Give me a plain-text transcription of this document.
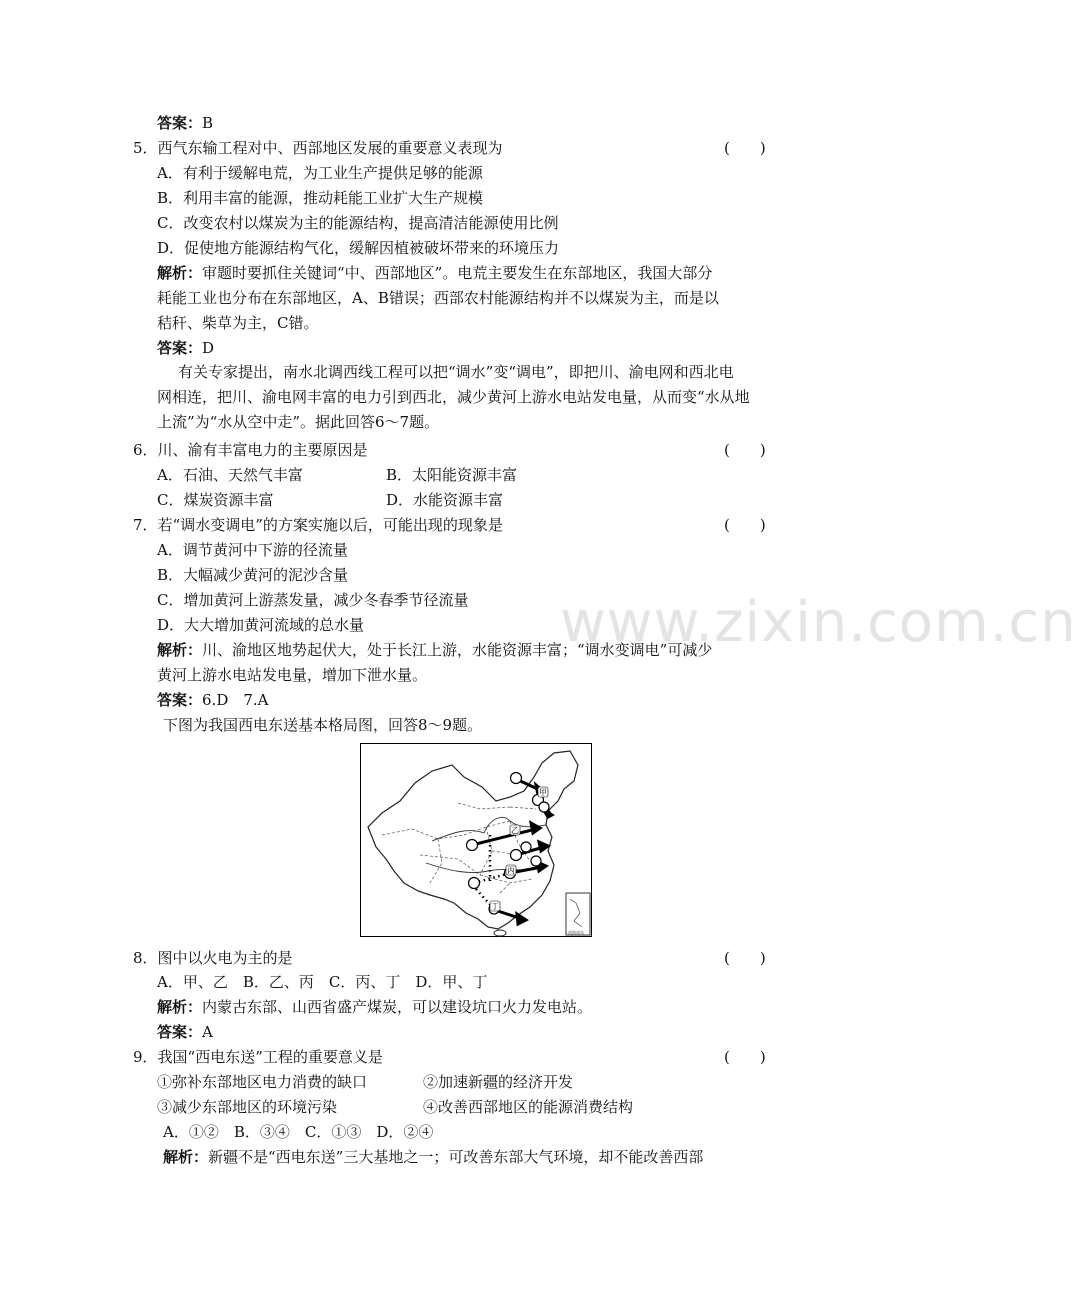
www.zixin.com.cn
答案：B
5．西气东输工程对中、西部地区发展的重要意义表现为	(　　)
A．有利于缓解电荒，为工业生产提供足够的能源
B．利用丰富的能源，推动耗能工业扩大生产规模
C．改变农村以煤炭为主的能源结构，提高清洁能源使用比例
D．促使地方能源结构气化，缓解因植被破坏带来的环境压力
解析：审题时要抓住关键词“中、西部地区”。电荒主要发生在东部地区，我国大部分
耗能工业也分布在东部地区，A、B错误；西部农村能源结构并不以煤炭为主，而是以
秸秆、柴草为主，C错。
答案：D
有关专家提出，南水北调西线工程可以把“调水”变“调电”，即把川、渝电网和西北电
网相连，把川、渝电网丰富的电力引到西北，减少黄河上游水电站发电量，从而变“水从地
上流”为“水从空中走”。据此回答6～7题。
6．川、渝有丰富电力的主要原因是	(　　)
A．石油、天然气丰富	B．太阳能资源丰富
C．煤炭资源丰富	D．水能资源丰富
7．若“调水变调电”的方案实施以后，可能出现的现象是	(　　)
A．调节黄河中下游的径流量
B．大幅减少黄河的泥沙含量
C．增加黄河上游蒸发量，减少冬春季节径流量
D．大大增加黄河流域的总水量
解析：川、渝地区地势起伏大，处于长江上游，水能资源丰富；“调水变调电”可减少
黄河上游水电站发电量，增加下泄水量。
答案：6.D　7.A
下图为我国西电东送基本格局图，回答8～9题。
南海诸岛
甲
乙
丙
丁
8．图中以火电为主的是	(　　)
A．甲、乙　B．乙、丙　C．丙、丁　D．甲、丁
解析：内蒙古东部、山西省盛产煤炭，可以建设坑口火力发电站。
答案：A
9．我国“西电东送”工程的重要意义是	(　　)
①弥补东部地区电力消费的缺口	②加速新疆的经济开发
③减少东部地区的环境污染	④改善西部地区的能源消费结构
A．①②　B．③④　C．①③　D．②④
解析：新疆不是“西电东送”三大基地之一；可改善东部大气环境，却不能改善西部
